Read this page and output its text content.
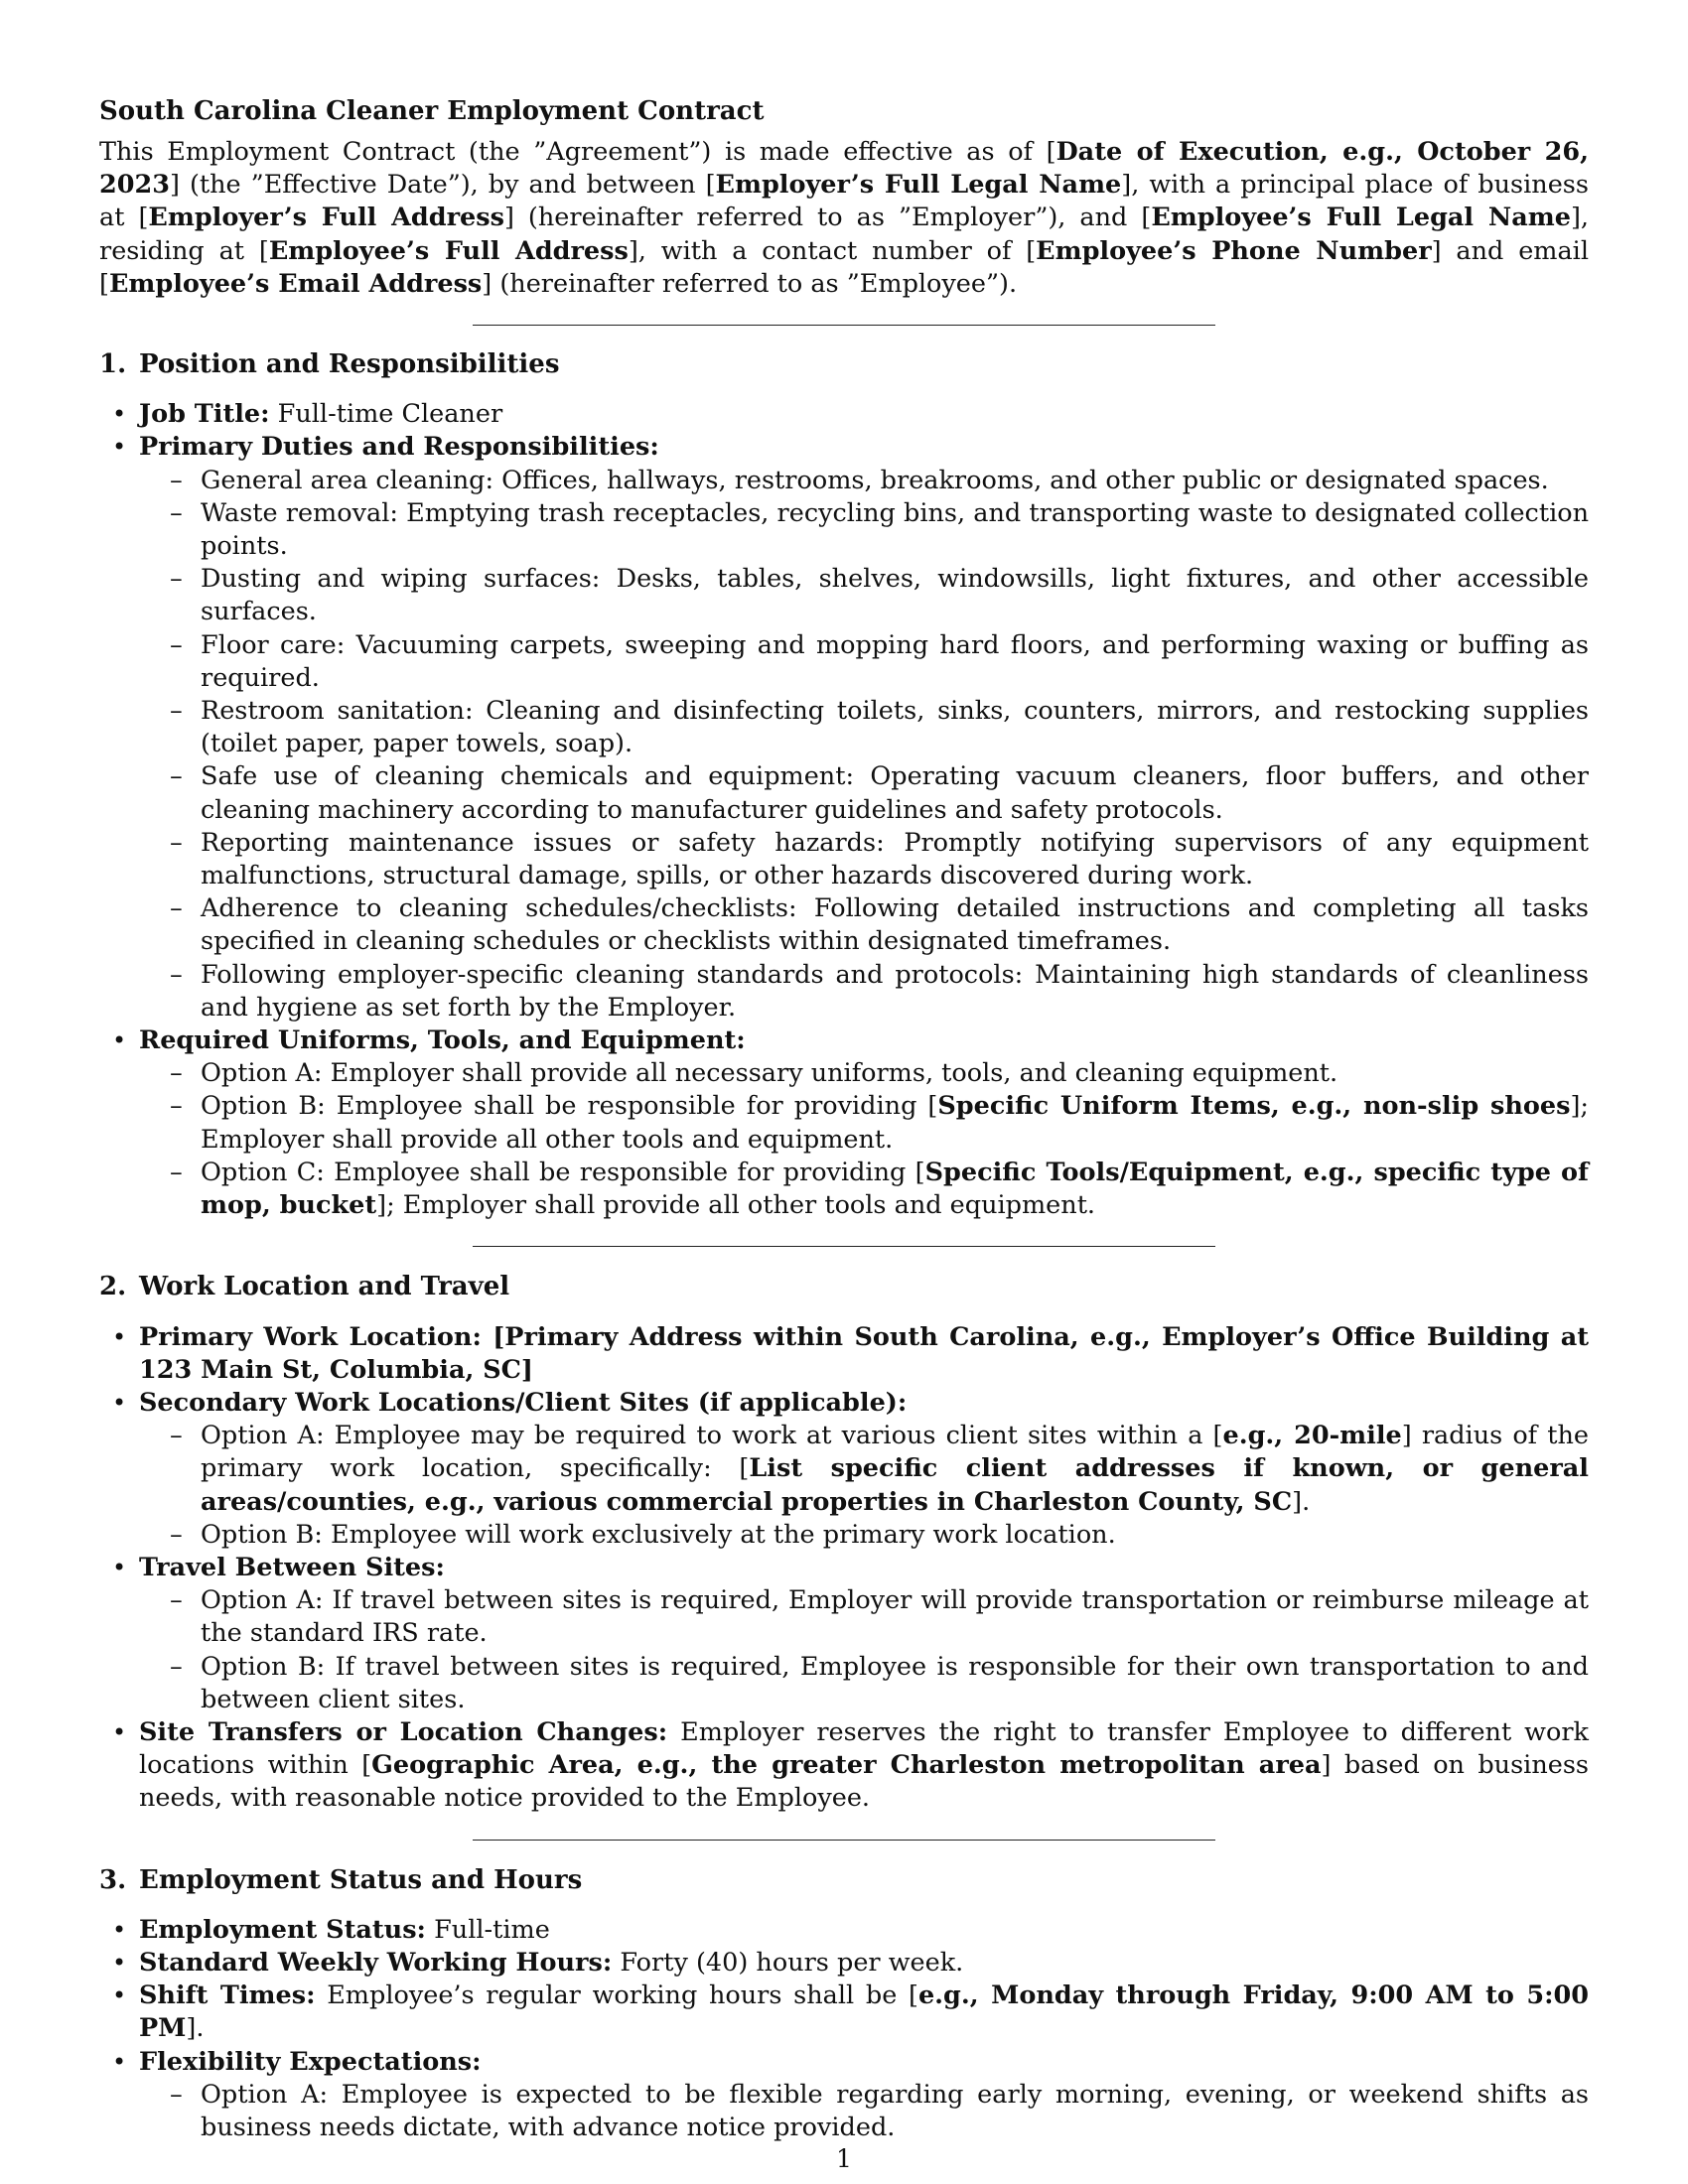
South Carolina Cleaner Employment Contract

This Employment Contract (the ”Agreement”) is made effective as of [Date of Execution, e.g., October 26, 2023] (the ”Effective Date”), by and between [Employer’s Full Legal Name], with a principal place of business at [Employer’s Full Address] (hereinafter referred to as ”Employer”), and [Employee’s Full Legal Name], residing at [Employee’s Full Address], with a contact number of [Employee’s Phone Number] and email [Employee’s Email Address] (hereinafter referred to as ”Employee”).

1. Position and Responsibilities
• Job Title: Full-time Cleaner
• Primary Duties and Responsibilities:
– General area cleaning: Offices, hallways, restrooms, breakrooms, and other public or designated spaces.
– Waste removal: Emptying trash receptacles, recycling bins, and transporting waste to designated collection points.
– Dusting and wiping surfaces: Desks, tables, shelves, windowsills, light fixtures, and other accessible surfaces.
– Floor care: Vacuuming carpets, sweeping and mopping hard floors, and performing waxing or buffing as required.
– Restroom sanitation: Cleaning and disinfecting toilets, sinks, counters, mirrors, and restocking supplies (toilet paper, paper towels, soap).
– Safe use of cleaning chemicals and equipment: Operating vacuum cleaners, floor buffers, and other cleaning machinery according to manufacturer guidelines and safety protocols.
– Reporting maintenance issues or safety hazards: Promptly notifying supervisors of any equipment malfunctions, structural damage, spills, or other hazards discovered during work.
– Adherence to cleaning schedules/checklists: Following detailed instructions and completing all tasks specified in cleaning schedules or checklists within designated timeframes.
– Following employer-specific cleaning standards and protocols: Maintaining high standards of cleanliness and hygiene as set forth by the Employer.
• Required Uniforms, Tools, and Equipment:
– Option A: Employer shall provide all necessary uniforms, tools, and cleaning equipment.
– Option B: Employee shall be responsible for providing [Specific Uniform Items, e.g., non-slip shoes]; Employer shall provide all other tools and equipment.
– Option C: Employee shall be responsible for providing [Specific Tools/Equipment, e.g., specific type of mop, bucket]; Employer shall provide all other tools and equipment.
2. Work Location and Travel
• Primary Work Location: [Primary Address within South Carolina, e.g., Employer’s Office Building at 123 Main St, Columbia, SC]
• Secondary Work Locations/Client Sites (if applicable):
– Option A: Employee may be required to work at various client sites within a [e.g., 20-mile] radius of the primary work location, specifically: [List specific client addresses if known, or general areas/counties, e.g., various commercial properties in Charleston County, SC].
– Option B: Employee will work exclusively at the primary work location.
• Travel Between Sites:
– Option A: If travel between sites is required, Employer will provide transportation or reimburse mileage at the standard IRS rate.
– Option B: If travel between sites is required, Employee is responsible for their own transportation to and between client sites.
• Site Transfers or Location Changes: Employer reserves the right to transfer Employee to different work locations within [Geographic Area, e.g., the greater Charleston metropolitan area] based on business needs, with reasonable notice provided to the Employee.
3. Employment Status and Hours
• Employment Status: Full-time
• Standard Weekly Working Hours: Forty (40) hours per week.
• Shift Times: Employee’s regular working hours shall be [e.g., Monday through Friday, 9:00 AM to 5:00 PM].
• Flexibility Expectations:
– Option A: Employee is expected to be flexible regarding early morning, evening, or weekend shifts as business needs dictate, with advance notice provided.
1
